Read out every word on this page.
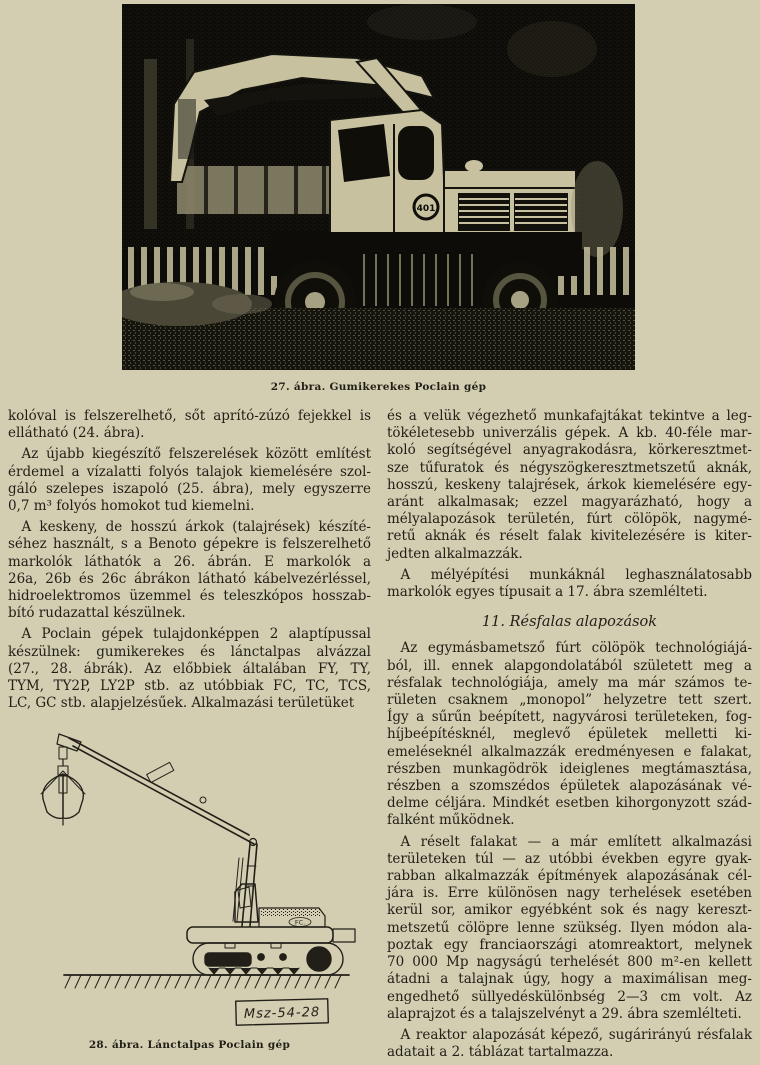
401
27. ábra. Gumikerekes Poclain gép
kolóval is felszerelhető, sőt aprító-zúzó fejekkel is
ellátható (24. ábra).
 Az újabb kiegészítő felszerelések között említést
érdemel a vízalatti folyós talajok kiemelésére szol-
gáló szelepes iszapoló (25. ábra), mely egyszerre
0,7 m³ folyós homokot tud kiemelni.
 A keskeny, de hosszú árkok (talajrések) készíté-
séhez használt, s a Benoto gépekre is felszerelhető
markolók láthatók a 26. ábrán. E markolók a
26a, 26b és 26c ábrákon látható kábelvezérléssel,
hidroelektromos üzemmel és teleszkópos hosszab-
bító rudazattal készülnek.
 A Poclain gépek tulajdonképpen 2 alaptípussal
készülnek: gumikerekes és lánctalpas alvázzal
(27., 28. ábrák). Az előbbiek általában FY, TY,
TYM, TY2P, LY2P stb. az utóbbiak FC, TC, TCS,
LC, GC stb. alapjelzésűek. Alkalmazási területüket
FC.
Msz-54-28
28. ábra. Lánctalpas Poclain gép
és a velük végezhető munkafajtákat tekintve a leg-
tökéletesebb univerzális gépek. A kb. 40-féle mar-
koló segítségével anyagrakodásra, körkeresztmet-
sze tűfuratok és négyszögkeresztmetszetű aknák,
hosszú, keskeny talajrések, árkok kiemelésére egy-
aránt alkalmasak; ezzel magyarázható, hogy a
mélyalapozások területén, fúrt cölöpök, nagymé-
retű aknák és réselt falak kivitelezésére is kiter-
jedten alkalmazzák.
 A mélyépítési munkáknál leghasználatosabb
markolók egyes típusait a 17. ábra szemlélteti.
11. Résfalas alapozások
 Az egymásbametsző fúrt cölöpök technológiájá-
ból, ill. ennek alapgondolatából született meg a
résfalak technológiája, amely ma már számos te-
rületen csaknem „monopol” helyzetre tett szert.
Így a sűrűn beépített, nagyvárosi területeken, fog-
híjbeépítésknél, meglevő épületek melletti ki-
emeléseknél alkalmazzák eredményesen e falakat,
részben munkagödrök ideiglenes megtámasztása,
részben a szomszédos épületek alapozásának vé-
delme céljára. Mindkét esetben kihorgonyzott szád-
falként működnek.
 A réselt falakat — a már említett alkalmazási
területeken túl — az utóbbi években egyre gyak-
rabban alkalmazzák építmények alapozásának cél-
jára is. Erre különösen nagy terhelések esetében
kerül sor, amikor egyébként sok és nagy kereszt-
metszetű cölöpre lenne szükség. Ilyen módon ala-
poztak egy franciaországi atomreaktort, melynek
70 000 Mp nagyságú terhelését 800 m²-en kellett
átadni a talajnak úgy, hogy a maximálisan meg-
engedhető süllyedéskülönbség 2—3 cm volt. Az
alaprajzot és a talajszelvényt a 29. ábra szemlélteti.
 A reaktor alapozását képező, sugárirányú résfalak
adatait a 2. táblázat tartalmazza.
